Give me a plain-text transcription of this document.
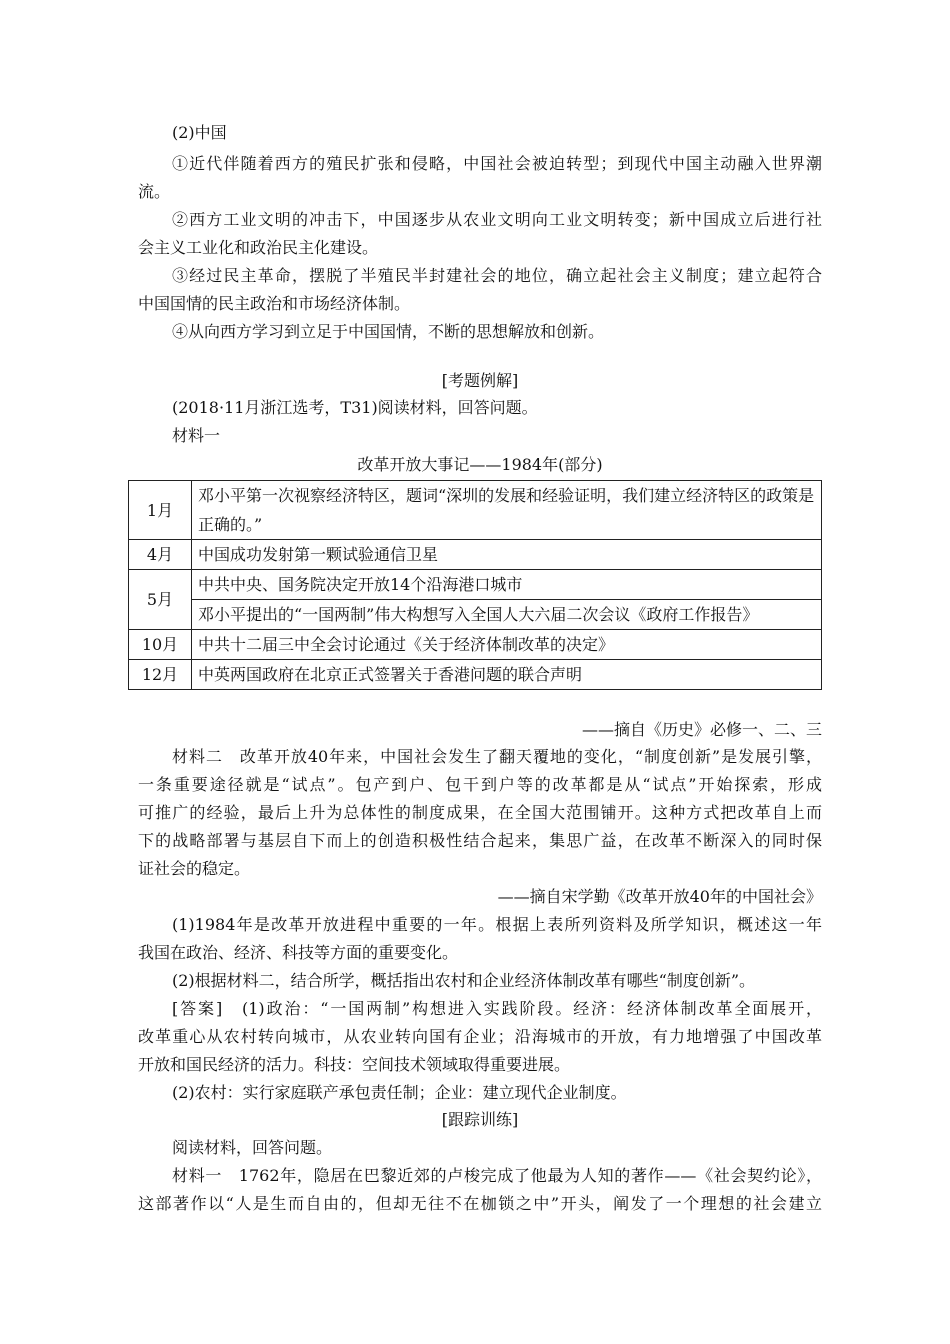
(2)中国
①近代伴随着西方的殖民扩张和侵略，中国社会被迫转型；到现代中国主动融入世界潮
流。
②西方工业文明的冲击下，中国逐步从农业文明向工业文明转变；新中国成立后进行社
会主义工业化和政治民主化建设。
③经过民主革命，摆脱了半殖民半封建社会的地位，确立起社会主义制度；建立起符合
中国国情的民主政治和市场经济体制。
④从向西方学习到立足于中国国情，不断的思想解放和创新。
[考题例解]
(2018·11月浙江选考，T31)阅读材料，回答问题。
材料一
改革开放大事记——1984年(部分)
1月	邓小平第一次视察经济特区，题词“深圳的发展和经验证明，我们建立经济特区的政策是正确的。”
4月	中国成功发射第一颗试验通信卫星
5月	中共中央、国务院决定开放14个沿海港口城市
	邓小平提出的“一国两制”伟大构想写入全国人大六届二次会议《政府工作报告》
10月	中共十二届三中全会讨论通过《关于经济体制改革的决定》
12月	中英两国政府在北京正式签署关于香港问题的联合声明
——摘自《历史》必修一、二、三
材料二　改革开放40年来，中国社会发生了翻天覆地的变化，“制度创新”是发展引擎，
一条重要途径就是“试点”。包产到户、包干到户等的改革都是从“试点”开始探索，形成
可推广的经验，最后上升为总体性的制度成果，在全国大范围铺开。这种方式把改革自上而
下的战略部署与基层自下而上的创造积极性结合起来，集思广益，在改革不断深入的同时保
证社会的稳定。
——摘自宋学勤《改革开放40年的中国社会》
(1)1984年是改革开放进程中重要的一年。根据上表所列资料及所学知识，概述这一年
我国在政治、经济、科技等方面的重要变化。
(2)根据材料二，结合所学，概括指出农村和企业经济体制改革有哪些“制度创新”。
[答案]　(1)政治：“一国两制”构想进入实践阶段。经济：经济体制改革全面展开，
改革重心从农村转向城市，从农业转向国有企业；沿海城市的开放，有力地增强了中国改革
开放和国民经济的活力。科技：空间技术领域取得重要进展。
(2)农村：实行家庭联产承包责任制；企业：建立现代企业制度。
[跟踪训练]
阅读材料，回答问题。
材料一　1762年，隐居在巴黎近郊的卢梭完成了他最为人知的著作——《社会契约论》，
这部著作以“人是生而自由的，但却无往不在枷锁之中”开头，阐发了一个理想的社会建立
